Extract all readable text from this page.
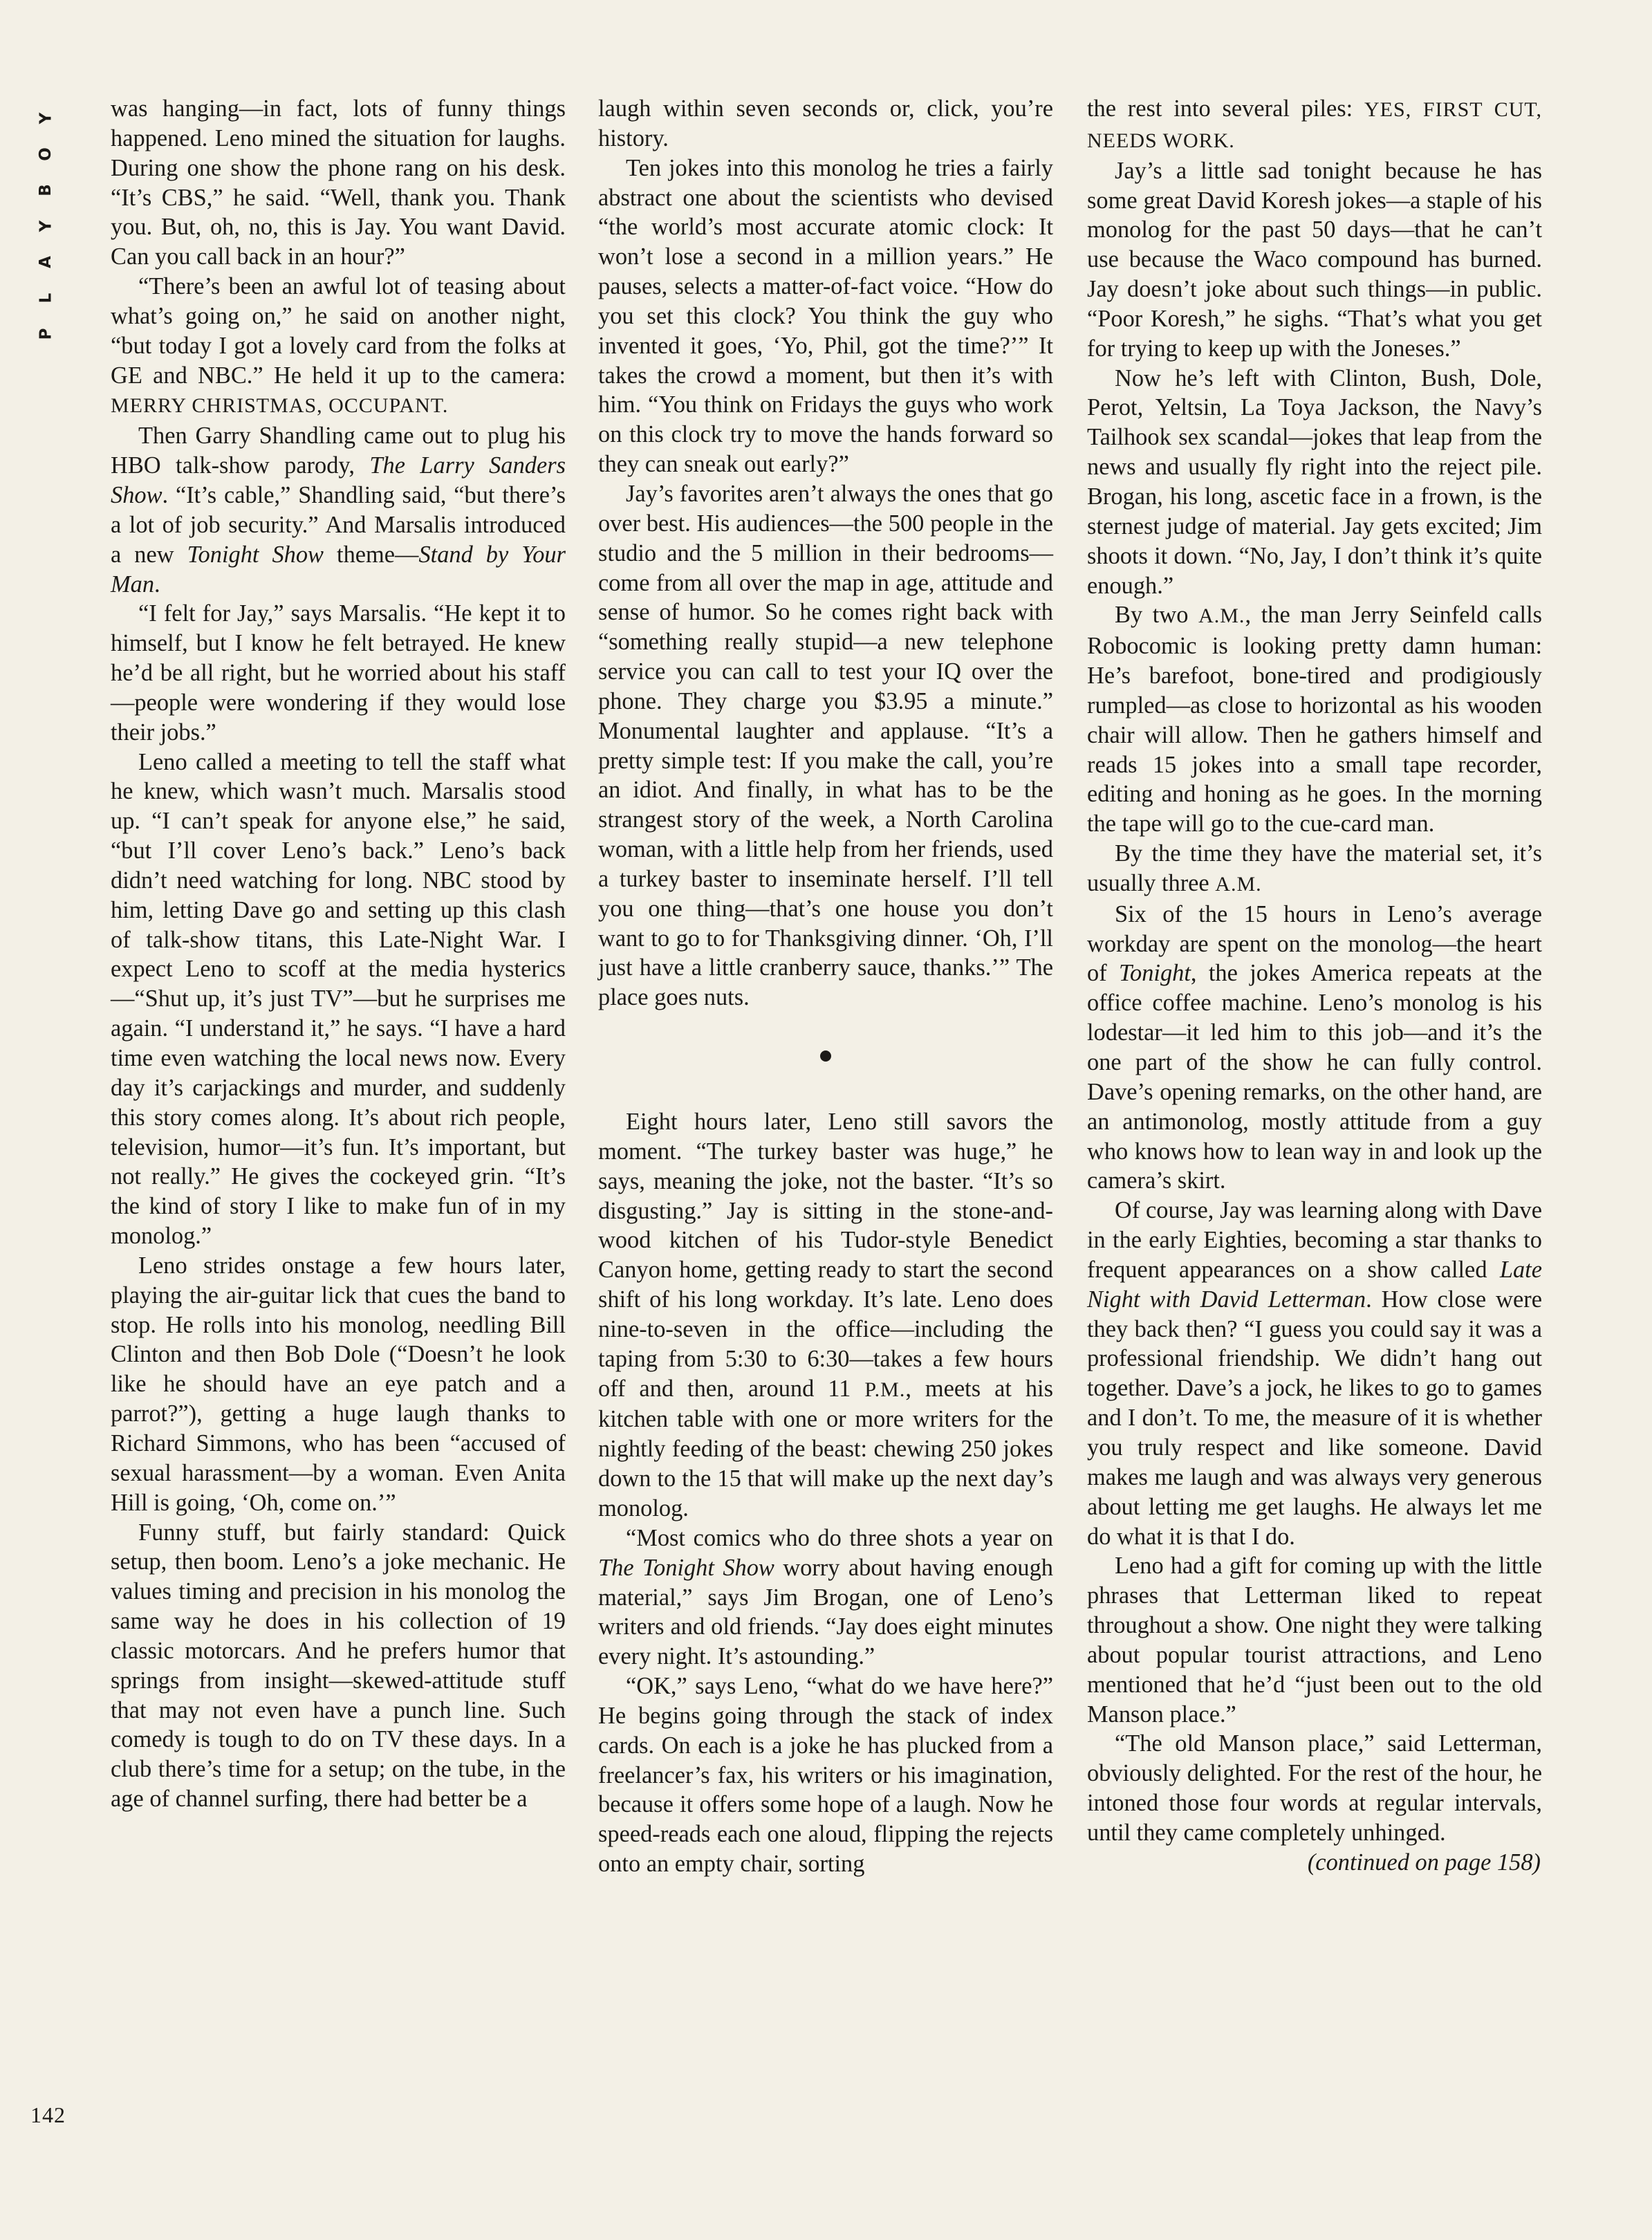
Y
O
B
Y
A
L
P
142

was hanging—in fact, lots of funny things happened. Leno mined the situation for laughs. During one show the phone rang on his desk. “It’s CBS,” he said. “Well, thank you. Thank you. But, oh, no, this is Jay. You want David. Can you call back in an hour?”

“There’s been an awful lot of teasing about what’s going on,” he said on another night, “but today I got a lovely card from the folks at GE and NBC.” He held it up to the camera: MERRY CHRISTMAS, OCCUPANT.

Then Garry Shandling came out to plug his HBO talk-show parody, The Larry Sanders Show. “It’s cable,” Shandling said, “but there’s a lot of job security.” And Marsalis introduced a new Tonight Show theme—Stand by Your Man.

“I felt for Jay,” says Marsalis. “He kept it to himself, but I know he felt betrayed. He knew he’d be all right, but he worried about his staff—people were wondering if they would lose their jobs.”

Leno called a meeting to tell the staff what he knew, which wasn’t much. Marsalis stood up. “I can’t speak for anyone else,” he said, “but I’ll cover Leno’s back.” Leno’s back didn’t need watching for long. NBC stood by him, letting Dave go and setting up this clash of talk-show titans, this Late-Night War. I expect Leno to scoff at the media hysterics—“Shut up, it’s just TV”—but he surprises me again. “I understand it,” he says. “I have a hard time even watching the local news now. Every day it’s carjackings and murder, and suddenly this story comes along. It’s about rich people, television, humor—it’s fun. It’s important, but not really.” He gives the cockeyed grin. “It’s the kind of story I like to make fun of in my monolog.”

Leno strides onstage a few hours later, playing the air-guitar lick that cues the band to stop. He rolls into his monolog, needling Bill Clinton and then Bob Dole (“Doesn’t he look like he should have an eye patch and a parrot?”), getting a huge laugh thanks to Richard Simmons, who has been “accused of sexual harassment—by a woman. Even Anita Hill is going, ‘Oh, come on.’”

Funny stuff, but fairly standard: Quick setup, then boom. Leno’s a joke mechanic. He values timing and precision in his monolog the same way he does in his collection of 19 classic motorcars. And he prefers humor that springs from insight—skewed-attitude stuff that may not even have a punch line. Such comedy is tough to do on TV these days. In a club there’s time for a setup; on the tube, in the age of channel surfing, there had better be a

laugh within seven seconds or, click, you’re history.

Ten jokes into this monolog he tries a fairly abstract one about the scientists who devised “the world’s most accurate atomic clock: It won’t lose a second in a million years.” He pauses, selects a matter-of-fact voice. “How do you set this clock? You think the guy who invented it goes, ‘Yo, Phil, got the time?’” It takes the crowd a moment, but then it’s with him. “You think on Fridays the guys who work on this clock try to move the hands forward so they can sneak out early?”

Jay’s favorites aren’t always the ones that go over best. His audiences—the 500 people in the studio and the 5 million in their bedrooms—come from all over the map in age, attitude and sense of humor. So he comes right back with “something really stupid—a new telephone service you can call to test your IQ over the phone. They charge you $3.95 a minute.” Monumental laughter and applause. “It’s a pretty simple test: If you make the call, you’re an idiot. And finally, in what has to be the strangest story of the week, a North Carolina woman, with a little help from her friends, used a turkey baster to inseminate herself. I’ll tell you one thing—that’s one house you don’t want to go to for Thanksgiving dinner. ‘Oh, I’ll just have a little cranberry sauce, thanks.’” The place goes nuts.

Eight hours later, Leno still savors the moment. “The turkey baster was huge,” he says, meaning the joke, not the baster. “It’s so disgusting.” Jay is sitting in the stone-and-wood kitchen of his Tudor-style Benedict Canyon home, getting ready to start the second shift of his long workday. It’s late. Leno does nine-to-seven in the office—including the taping from 5:30 to 6:30—takes a few hours off and then, around 11 P.M., meets at his kitchen table with one or more writers for the nightly feeding of the beast: chewing 250 jokes down to the 15 that will make up the next day’s monolog.

“Most comics who do three shots a year on The Tonight Show worry about having enough material,” says Jim Brogan, one of Leno’s writers and old friends. “Jay does eight minutes every night. It’s astounding.”

“OK,” says Leno, “what do we have here?” He begins going through the stack of index cards. On each is a joke he has plucked from a freelancer’s fax, his writers or his imagination, because it offers some hope of a laugh. Now he speed-reads each one aloud, flipping the rejects onto an empty chair, sorting

the rest into several piles: YES, FIRST CUT, NEEDS WORK.

Jay’s a little sad tonight because he has some great David Koresh jokes—a staple of his monolog for the past 50 days—that he can’t use because the Waco compound has burned. Jay doesn’t joke about such things—in public. “Poor Koresh,” he sighs. “That’s what you get for trying to keep up with the Joneses.”

Now he’s left with Clinton, Bush, Dole, Perot, Yeltsin, La Toya Jackson, the Navy’s Tailhook sex scandal—jokes that leap from the news and usually fly right into the reject pile. Brogan, his long, ascetic face in a frown, is the sternest judge of material. Jay gets excited; Jim shoots it down. “No, Jay, I don’t think it’s quite enough.”

By two A.M., the man Jerry Seinfeld calls Robocomic is looking pretty damn human: He’s barefoot, bone-tired and prodigiously rumpled—as close to horizontal as his wooden chair will allow. Then he gathers himself and reads 15 jokes into a small tape recorder, editing and honing as he goes. In the morning the tape will go to the cue-card man.

By the time they have the material set, it’s usually three A.M.

Six of the 15 hours in Leno’s average workday are spent on the monolog—the heart of Tonight, the jokes America repeats at the office coffee machine. Leno’s monolog is his lodestar—it led him to this job—and it’s the one part of the show he can fully control. Dave’s opening remarks, on the other hand, are an antimonolog, mostly attitude from a guy who knows how to lean way in and look up the camera’s skirt.

Of course, Jay was learning along with Dave in the early Eighties, becoming a star thanks to frequent appearances on a show called Late Night with David Letterman. How close were they back then? “I guess you could say it was a professional friendship. We didn’t hang out together. Dave’s a jock, he likes to go to games and I don’t. To me, the measure of it is whether you truly respect and like someone. David makes me laugh and was always very generous about letting me get laughs. He always let me do what it is that I do.

Leno had a gift for coming up with the little phrases that Letterman liked to repeat throughout a show. One night they were talking about popular tourist attractions, and Leno mentioned that he’d “just been out to the old Manson place.”

“The old Manson place,” said Letterman, obviously delighted. For the rest of the hour, he intoned those four words at regular intervals, until they came completely unhinged.

(continued on page 158)
